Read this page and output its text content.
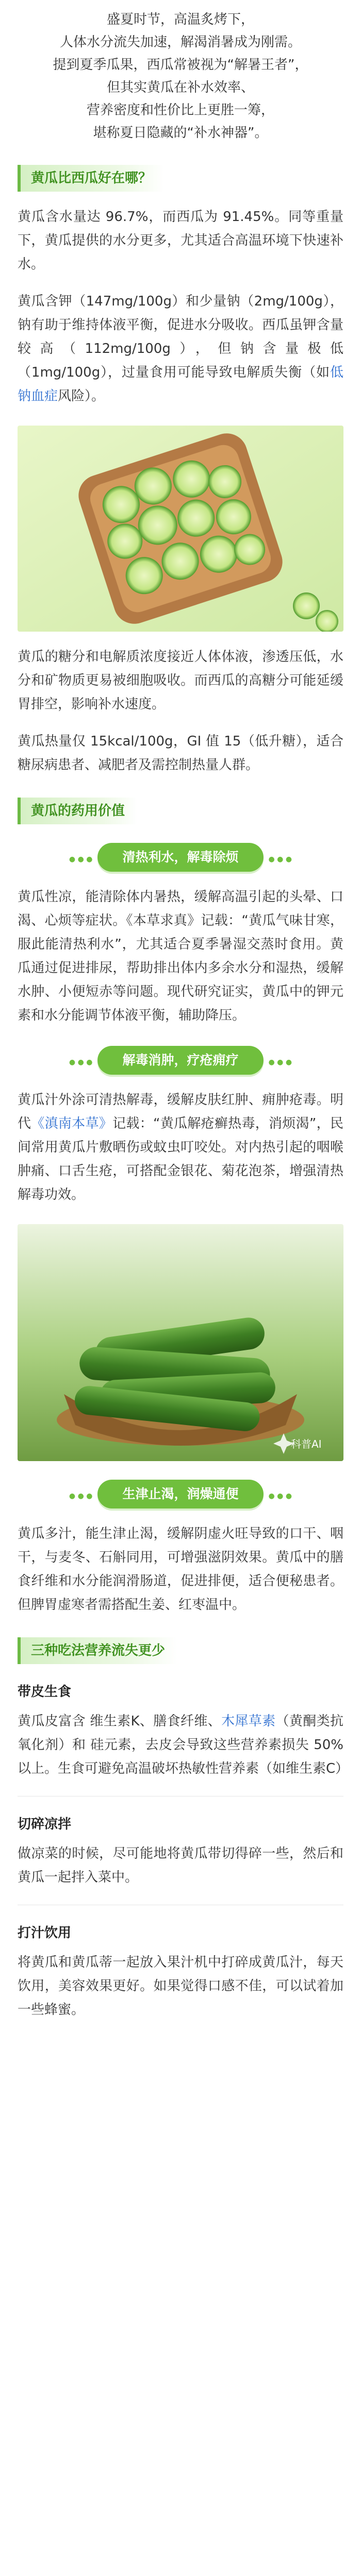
盛夏时节，高温炙烤下，

人体水分流失加速，解渴消暑成为刚需。

提到夏季瓜果，西瓜常被视为“解暑王者”，

但其实黄瓜在补水效率、

营养密度和性价比上更胜一筹，

堪称夏日隐藏的“补水神器”。

黄瓜比西瓜好在哪？

黄瓜含水量达 96.7%，而西瓜为 91.45%。同等重量下，黄瓜提供的水分更多，尤其适合高温环境下快速补水。

黄瓜含钾（147mg/100g）和少量钠（2mg/100g），钠有助于维持体液平衡，促进水分吸收。西瓜虽钾含量较高（112mg/100g），但钠含量极低（1mg/100g），过量食用可能导致电解质失衡（如低钠血症风险）。

黄瓜的糖分和电解质浓度接近人体体液，渗透压低，水分和矿物质更易被细胞吸收。而西瓜的高糖分可能延缓胃排空，影响补水速度。

黄瓜热量仅 15kcal/100g，GI 值 15（低升糖），适合糖尿病患者、减肥者及需控制热量人群。

黄瓜的药用价值
● ● ● 清热利水，解毒除烦	● ● ●

黄瓜性凉，能清除体内暑热，缓解高温引起的头晕、口渴、心烦等症状。《本草求真》记载：“黄瓜气味甘寒，服此能清热利水”，尤其适合夏季暑湿交蒸时食用。黄瓜通过促进排尿，帮助排出体内多余水分和湿热，缓解水肿、小便短赤等问题。现代研究证实，黄瓜中的钾元素和水分能调节体液平衡，辅助降压。

● ● ● 解毒消肿，疗疮痈疗	● ● ●

黄瓜汁外涂可清热解毒，缓解皮肤红肿、痈肿疮毒。明代《滇南本草》记载：“黄瓜解疮癣热毒，消烦渴”，民间常用黄瓜片敷晒伤或蚊虫叮咬处。对内热引起的咽喉肿痛、口舌生疮，可搭配金银花、菊花泡茶，增强清热解毒功效。

科普AI
● ● ● 生津止渴，润燥通便	● ● ●

黄瓜多汁，能生津止渴，缓解阴虚火旺导致的口干、咽干，与麦冬、石斛同用，可增强滋阴效果。黄瓜中的膳食纤维和水分能润滑肠道，促进排便，适合便秘患者。但脾胃虚寒者需搭配生姜、红枣温中。

三种吃法营养流失更少
带皮生食

黄瓜皮富含 维生素K、膳食纤维、木犀草素（黄酮类抗氧化剂）和 硅元素，去皮会导致这些营养素损失 50%以上。生食可避免高温破坏热敏性营养素（如维生素C）

切碎凉拌

做凉菜的时候，尽可能地将黄瓜带切得碎一些，然后和黄瓜一起拌入菜中。

打汁饮用

将黄瓜和黄瓜蒂一起放入果汁机中打碎成黄瓜汁，每天饮用，美容效果更好。如果觉得口感不佳，可以试着加一些蜂蜜。
